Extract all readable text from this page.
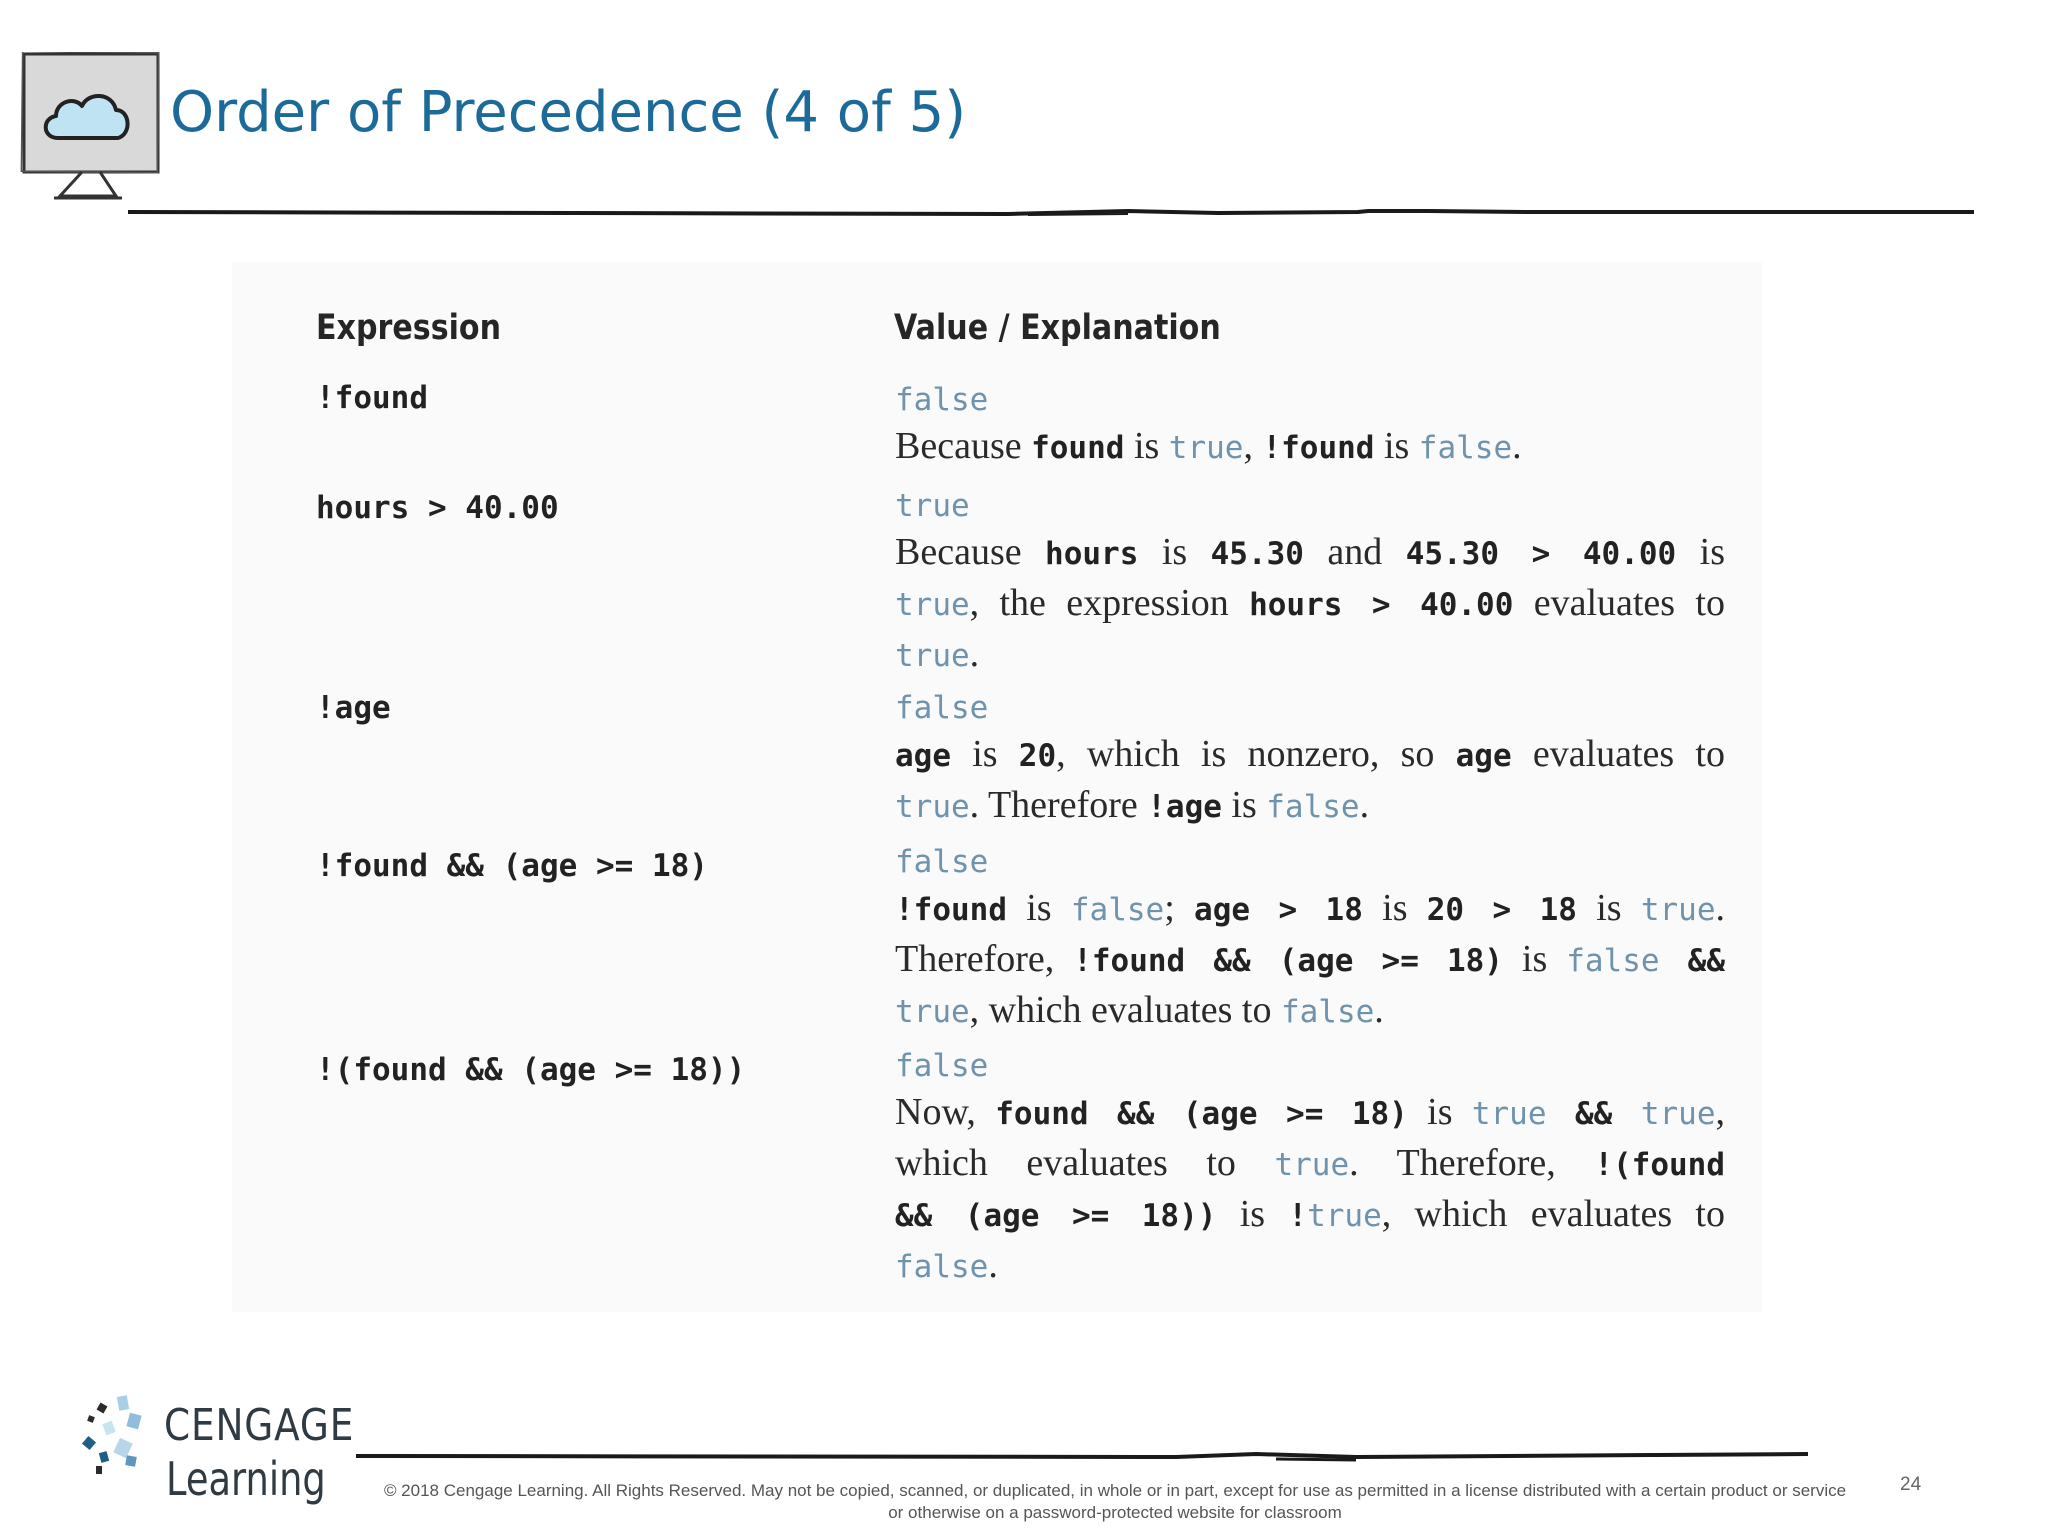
Order of Precedence (4 of 5)
Expression	Value / Explanation
!found	false
Because found is true, !found is false.
hours > 40.00	true
Because hours is 45.30 and 45.30 > 40.00 is
true, the expression hours > 40.00 evaluates to
true.
!age	false
age is 20, which is nonzero, so age evaluates to
true. Therefore !age is false.
!found && (age >= 18)	false
!found is false; age > 18 is 20 > 18 is true.
Therefore, !found && (age >= 18) is false &&
true, which evaluates to false.
!(found && (age >= 18))	false
Now, found && (age >= 18) is true && true,
which evaluates to true. Therefore, !(found
&& (age >= 18)) is !true, which evaluates to
false.
CENGAGE
Learning	© 2018 Cengage Learning. All Rights Reserved. May not be copied, scanned, or duplicated, in whole or in part, except for use as permitted in a license distributed with a certain product or service
or otherwise on a password-protected website for classroom
24
